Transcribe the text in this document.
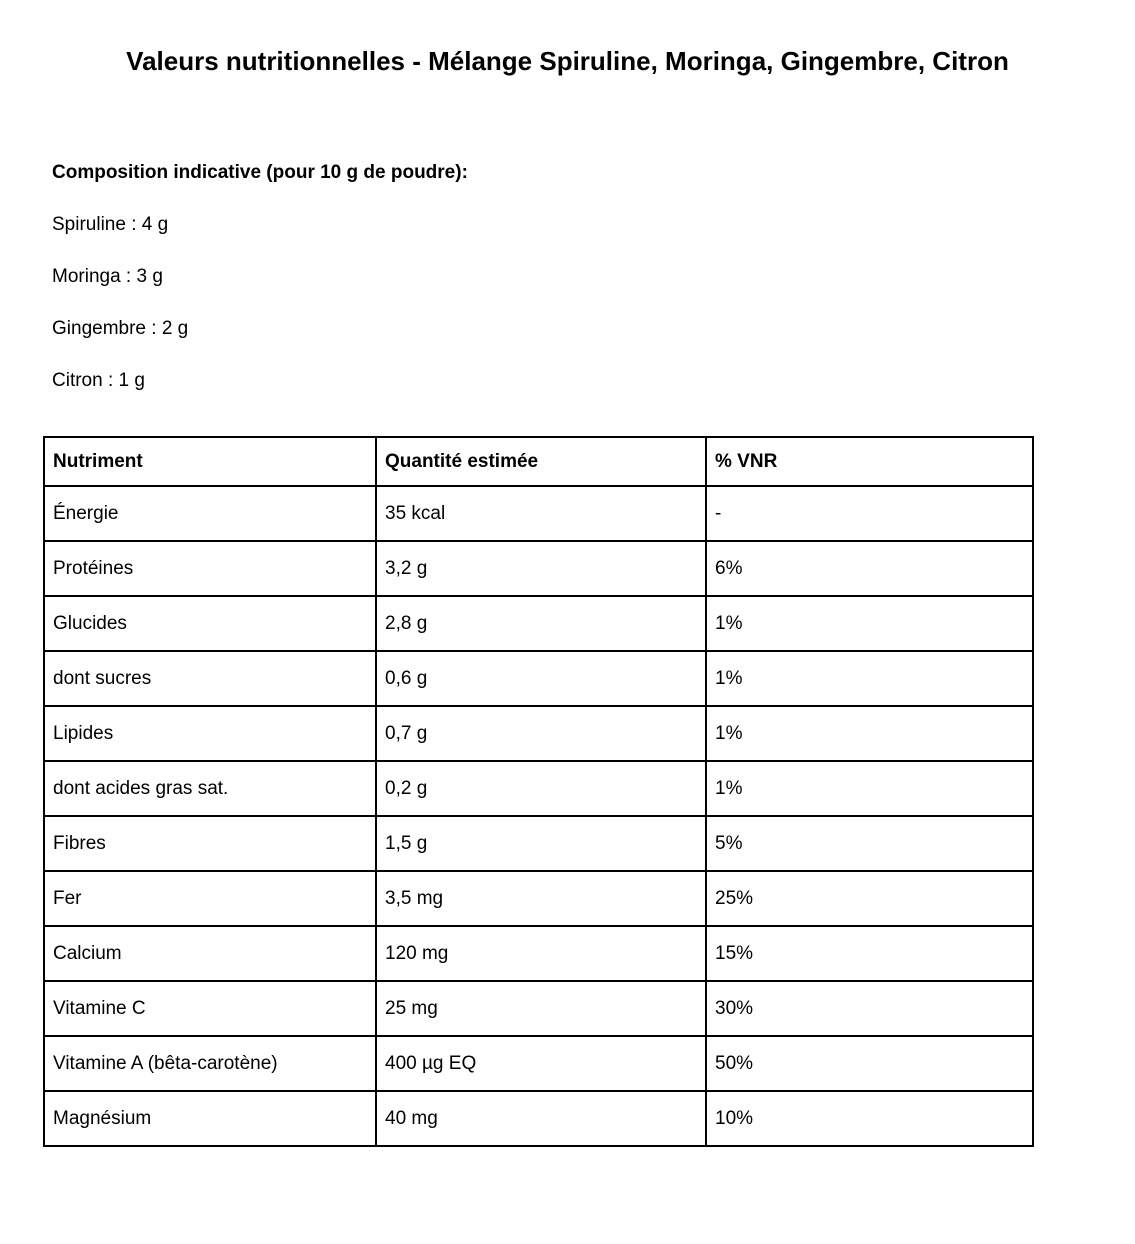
Valeurs nutritionnelles - Mélange Spiruline, Moringa, Gingembre, Citron

Composition indicative (pour 10 g de poudre):

Spiruline : 4 g

Moringa : 3 g

Gingembre : 2 g

Citron : 1 g

Nutriment	Quantité estimée	% VNR
Énergie	35 kcal	-
Protéines	3,2 g	6%
Glucides	2,8 g	1%
dont sucres	0,6 g	1%
Lipides	0,7 g	1%
dont acides gras sat.	0,2 g	1%
Fibres	1,5 g	5%
Fer	3,5 mg	25%
Calcium	120 mg	15%
Vitamine C	25 mg	30%
Vitamine A (bêta-carotène)	400 µg EQ	50%
Magnésium	40 mg	10%
